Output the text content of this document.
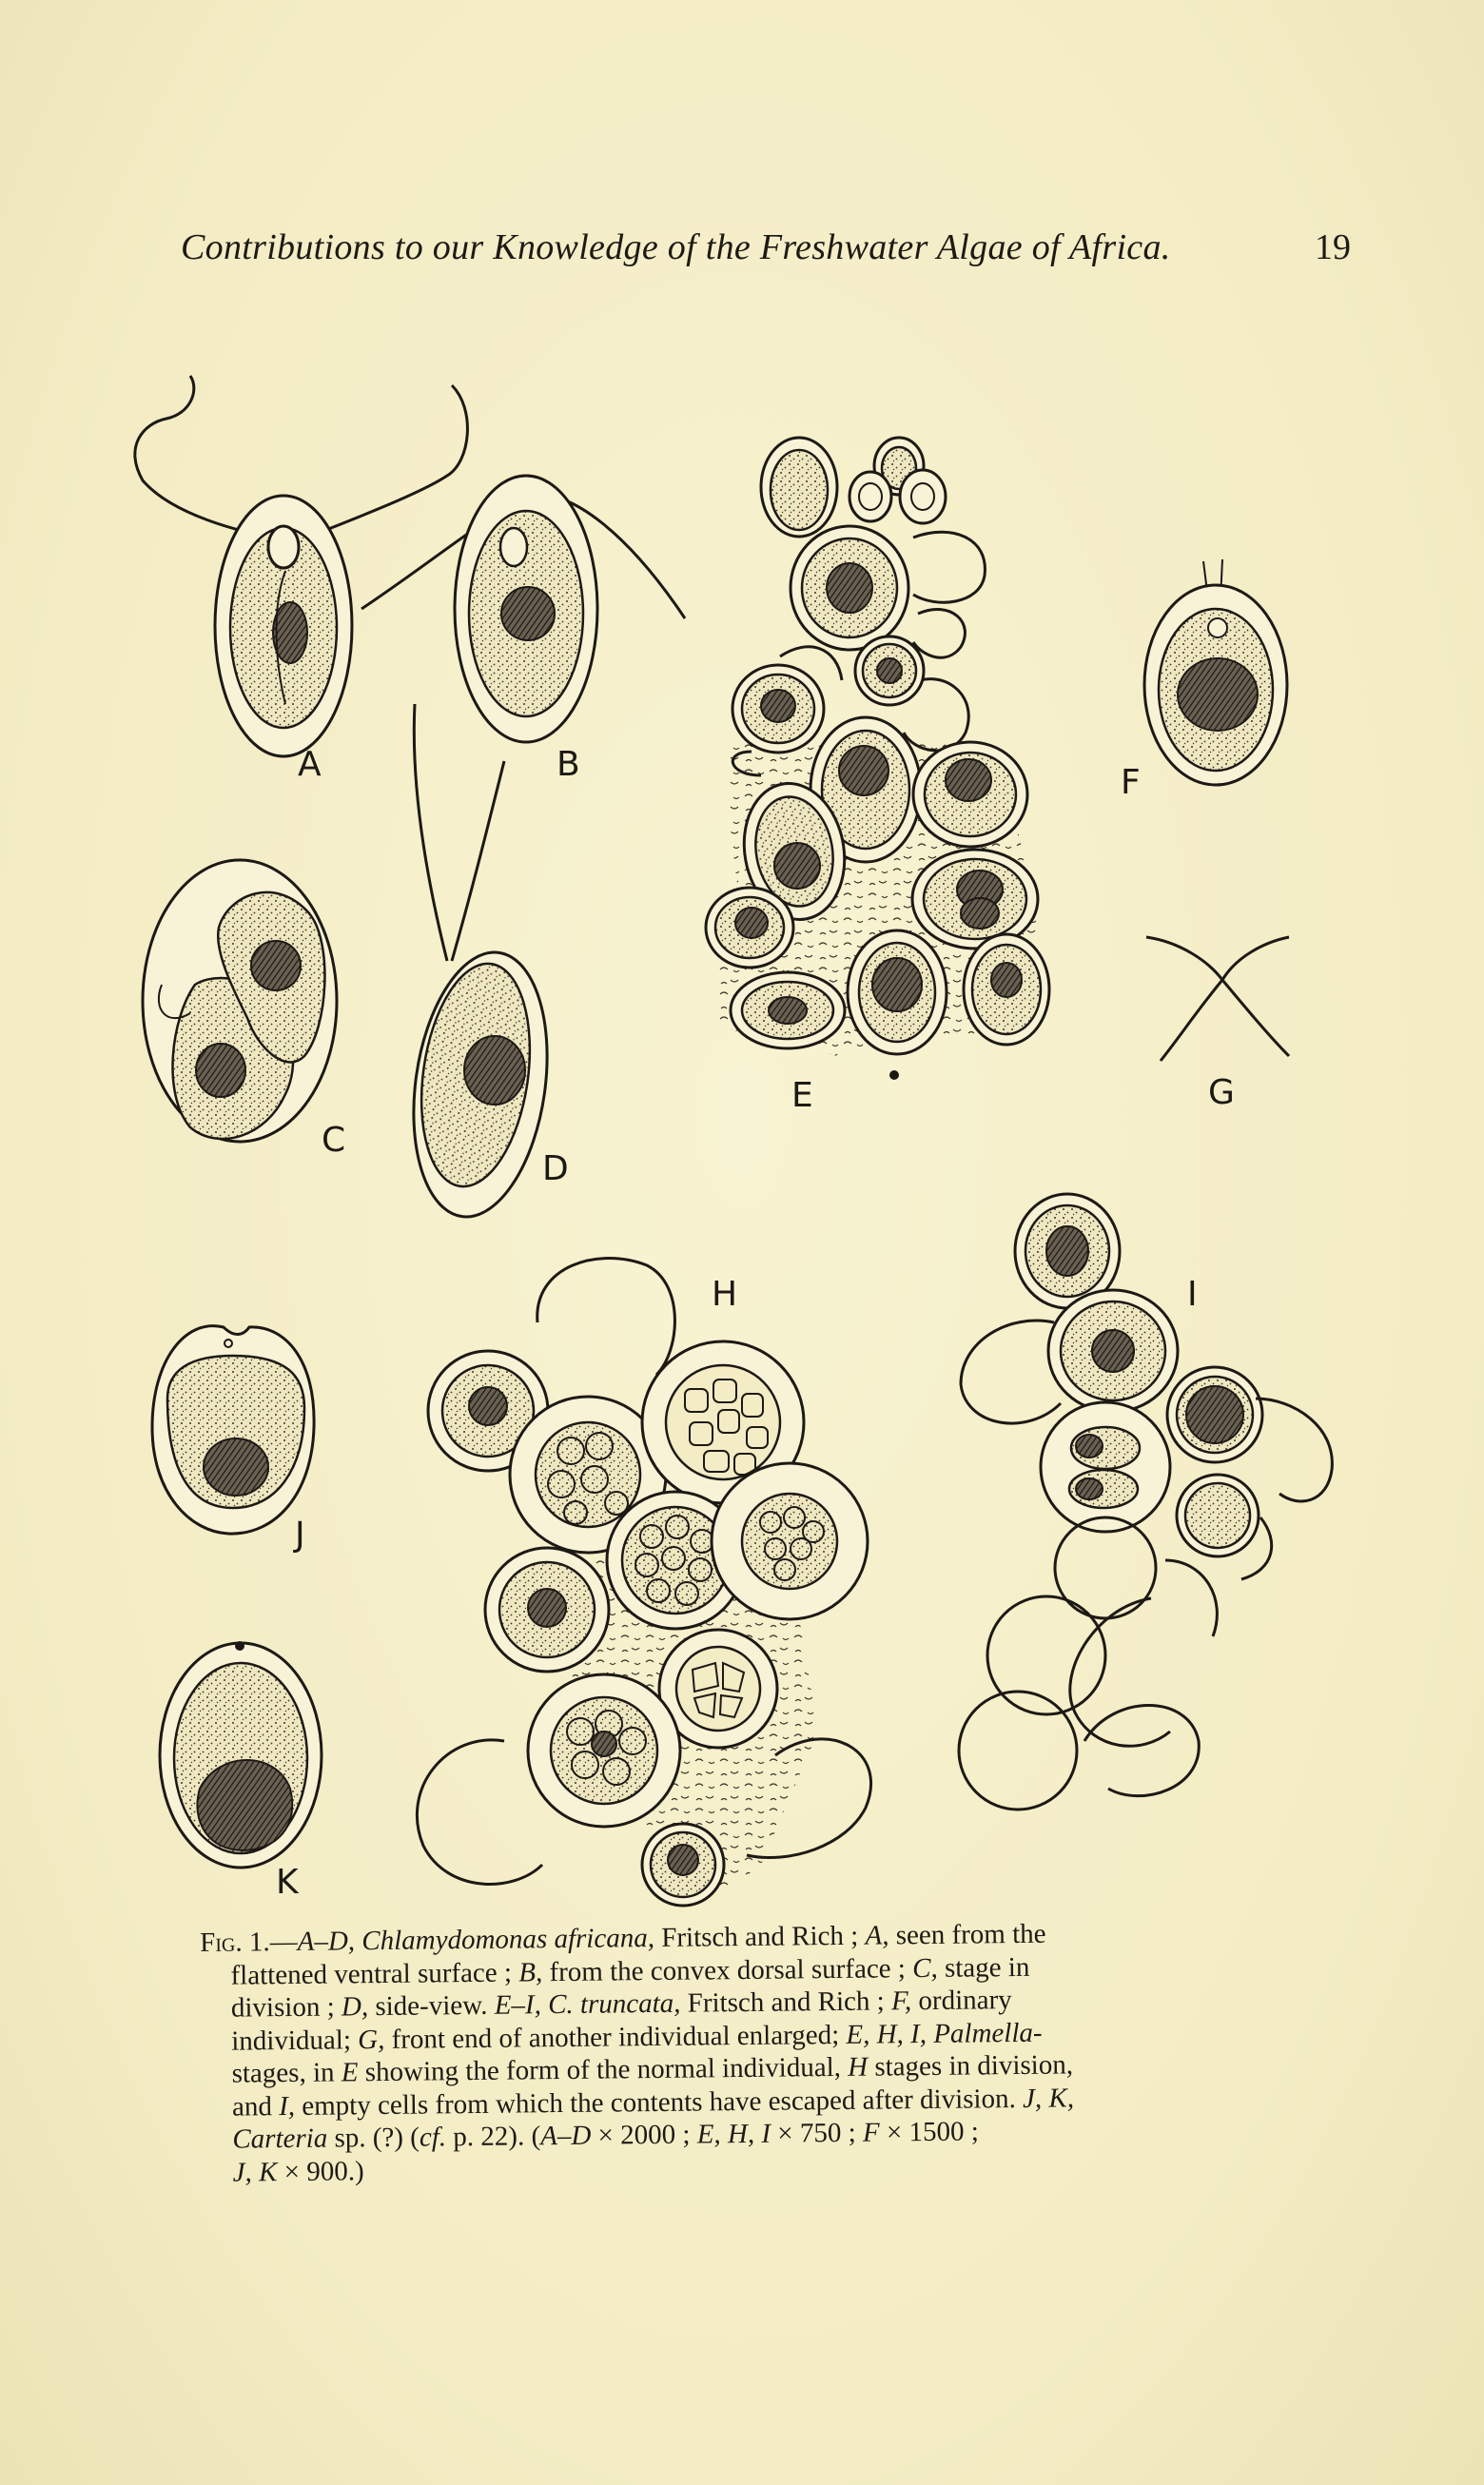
Contributions to our Knowledge of the Freshwater Algae of Africa.	19
A	B
C
D
E
F
G
H	I
J
K
Fig. 1.—A–D, Chlamydomonas africana, Fritsch and Rich ; A, seen from the
flattened ventral surface ; B, from the convex dorsal surface ; C, stage in
division ; D, side-view. E–I, C. truncata, Fritsch and Rich ; F, ordinary
individual; G, front end of another individual enlarged; E, H, I, Palmella-
stages, in E showing the form of the normal individual, H stages in division,
and I, empty cells from which the contents have escaped after division. J, K,
Carteria sp. (?) (cf. p. 22). (A–D × 2000 ; E, H, I × 750 ; F × 1500 ;
J, K × 900.)
